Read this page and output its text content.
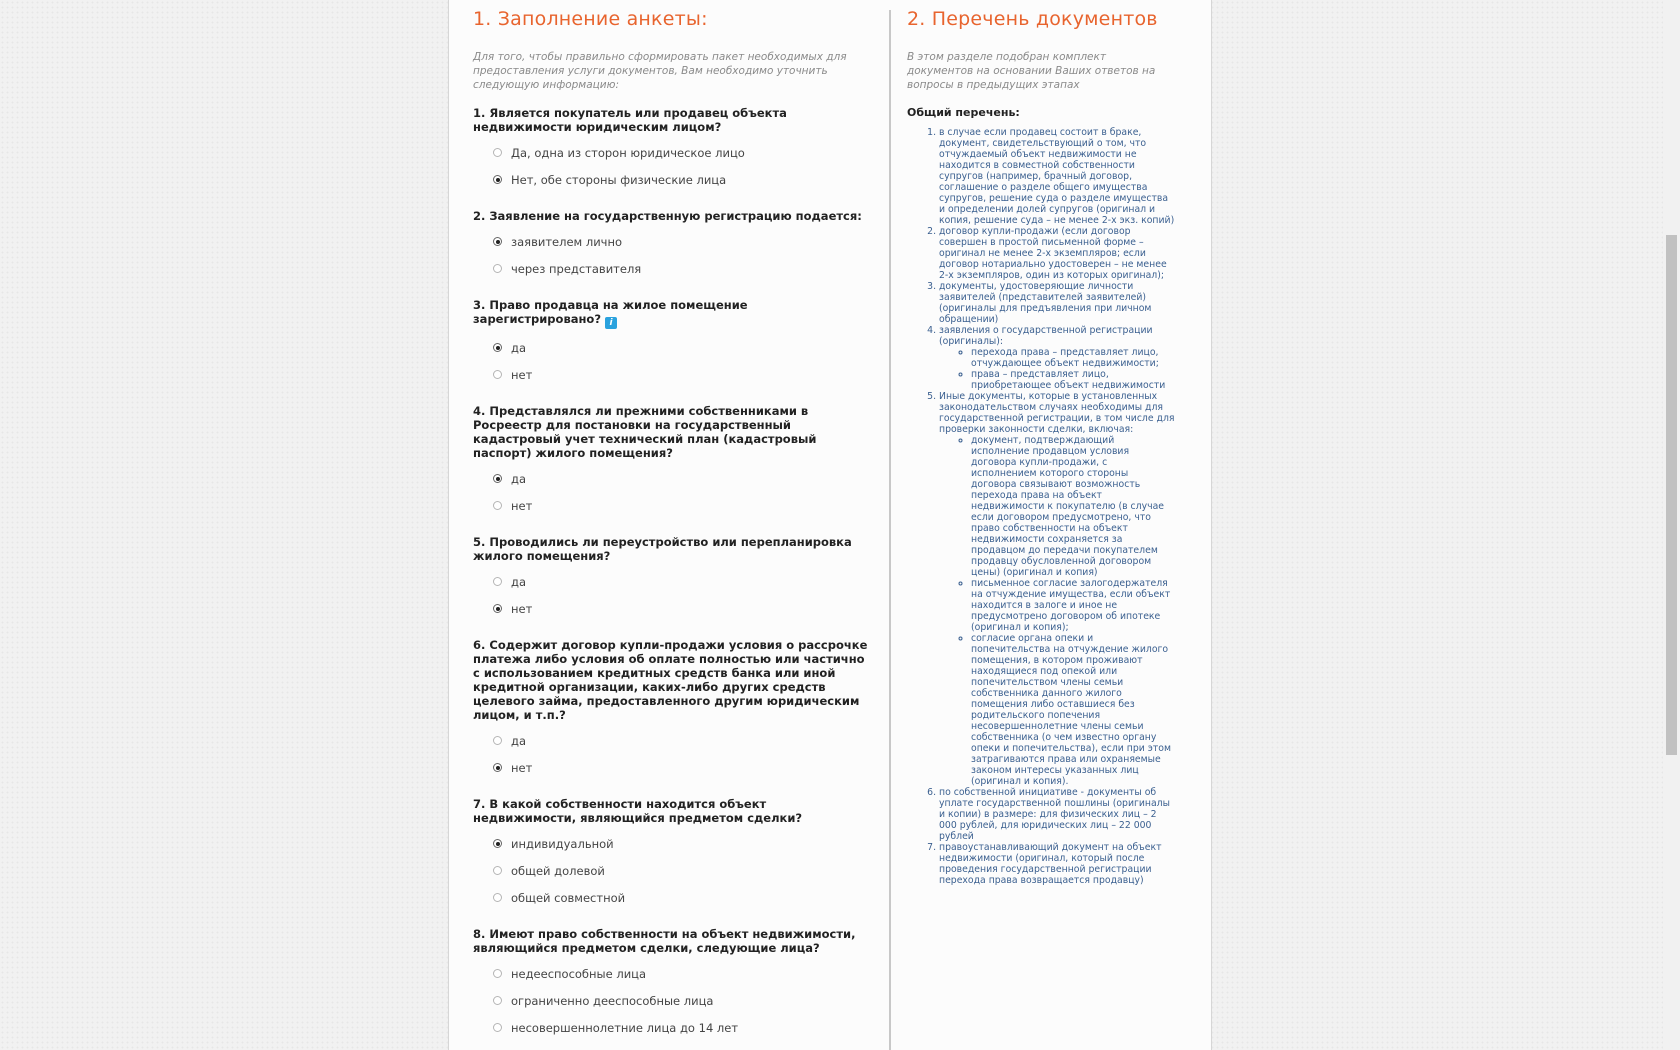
1. Заполнение анкеты:

Для того, чтобы правильно сформировать пакет необходимых для предоставления услуги документов, Вам необходимо уточнить следующую информацию:

1. Является покупатель или продавец объекта недвижимости юридическим лицом?
Да, одна из сторон юридическое лицо
Нет, обе стороны физические лица
2. Заявление на государственную регистрацию подается:
заявителем лично
через представителя
3. Право продавца на жилое помещение зарегистрировано? i
да
нет
4. Представлялся ли прежними собственниками в Росреестр для постановки на государственный кадастровый учет технический план (кадастровый паспорт) жилого помещения?
да
нет
5. Проводились ли переустройство или перепланировка жилого помещения?
да
нет
6. Содержит договор купли-продажи условия о рассрочке платежа либо условия об оплате полностью или частично с использованием кредитных средств банка или иной кредитной организации, каких-либо других средств целевого займа, предоставленного другим юридическим лицом, и т.п.?
да
нет
7. В какой собственности находится объект недвижимости, являющийся предметом сделки?
индивидуальной
общей долевой
общей совместной
8. Имеют право собственности на объект недвижимости, являющийся предметом сделки, следующие лица?
недееспособные лица
ограниченно дееспособные лица
несовершеннолетние лица до 14 лет
2. Перечень документов

В этом разделе подобран комплект документов на основании Ваших ответов на вопросы в предыдущих этапах

Общий перечень:
1. в случае если продавец состоит в браке, документ, свидетельствующий о том, что отчуждаемый объект недвижимости не находится в совместной собственности супругов (например, брачный договор, соглашение о разделе общего имущества супругов, решение суда о разделе имущества и определении долей супругов (оригинал и копия, решение суда – не менее 2-х экз. копий)
2. договор купли-продажи (если договор совершен в простой письменной форме – оригинал не менее 2-х экземпляров; если договор нотариально удостоверен – не менее 2-х экземпляров, один из которых оригинал);
3. документы, удостоверяющие личности заявителей (представителей заявителей) (оригиналы для предъявления при личном обращении)
4. заявления о государственной регистрации (оригиналы):
◦ перехода права – представляет лицо, отчуждающее объект недвижимости;
◦ права – представляет лицо, приобретающее объект недвижимости
5. Иные документы, которые в установленных законодательством случаях необходимы для государственной регистрации, в том числе для проверки законности сделки, включая:
◦ документ, подтверждающий исполнение продавцом условия договора купли-продажи, с исполнением которого стороны договора связывают возможность перехода права на объект недвижимости к покупателю (в случае если договором предусмотрено, что право собственности на объект недвижимости сохраняется за продавцом до передачи покупателем продавцу обусловленной договором цены) (оригинал и копия)
◦ письменное согласие залогодержателя на отчуждение имущества, если объект находится в залоге и иное не предусмотрено договором об ипотеке (оригинал и копия);
◦ согласие органа опеки и попечительства на отчуждение жилого помещения, в котором проживают находящиеся под опекой или попечительством члены семьи собственника данного жилого помещения либо оставшиеся без родительского попечения несовершеннолетние члены семьи собственника (о чем известно органу опеки и попечительства), если при этом затрагиваются права или охраняемые законом интересы указанных лиц (оригинал и копия).
6. по собственной инициативе - документы об уплате государственной пошлины (оригиналы и копии) в размере: для физических лиц – 2 000 рублей, для юридических лиц – 22 000 рублей
7. правоустанавливающий документ на объект недвижимости (оригинал, который после проведения государственной регистрации перехода права возвращается продавцу)
